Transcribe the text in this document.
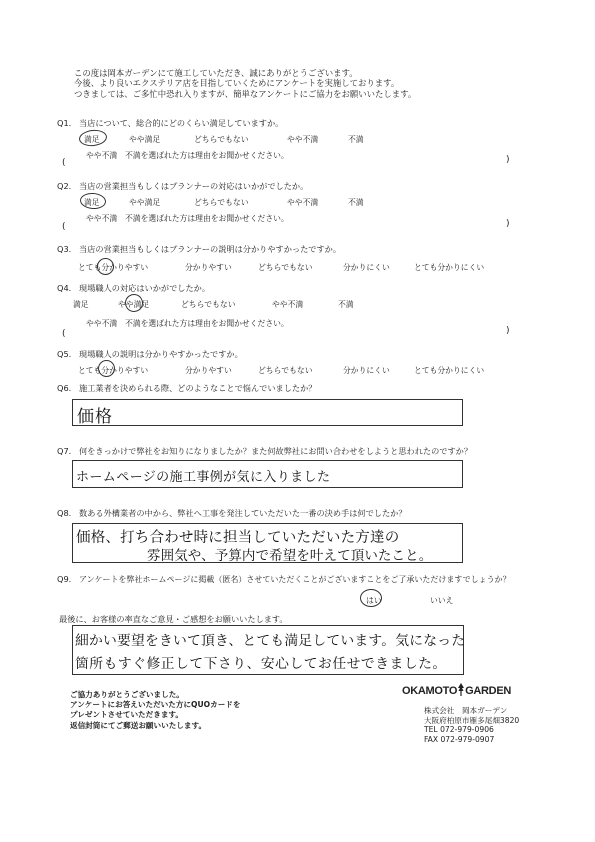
この度は岡本ガーデンにて施工していただき、誠にありがとうございます。
今後、より良いエクステリア店を目指していくためにアンケートを実施しております。
つきましては、ご多忙中恐れ入りますが、簡単なアンケートにご協力をお願いいたします。
Q1. 当店について、総合的にどのくらい満足していますか。
満足	やや満足	どちらでもない	やや不満	不満
やや不満　不満を選ばれた方は理由をお聞かせください。
(	)
Q2. 当店の営業担当もしくはプランナーの対応はいかがでしたか。
満足	やや満足	どちらでもない	やや不満	不満
やや不満　不満を選ばれた方は理由をお聞かせください。
(	)
Q3. 当店の営業担当もしくはプランナーの説明は分かりやすかったですか。
とても分かりやすい	分かりやすい	どちらでもない	分かりにくい	とても分かりにくい
Q4. 現場職人の対応はいかがでしたか。
満足	やや満足	どちらでもない	やや不満	不満
やや不満　不満を選ばれた方は理由をお聞かせください。
(	)
Q5. 現場職人の説明は分かりやすかったですか。
とても分かりやすい	分かりやすい	どちらでもない	分かりにくい	とても分かりにくい
Q6. 施工業者を決められる際、どのようなことで悩んでいましたか？
価格
Q7. 何をきっかけで弊社をお知りになりましたか？また何故弊社にお問い合わせをしようと思われたのですか？
ホームページの施工事例が気に入りました
Q8. 数ある外構業者の中から、弊社へ工事を発注していただいた一番の決め手は何でしたか？
価格、打ち合わせ時に担当していただいた方達の
雰囲気や、予算内で希望を叶えて頂いたこと。
Q9. アンケートを弊社ホームページに掲載（匿名）させていただくことがございますことをご了承いただけますでしょうか？
はい	いいえ
最後に、お客様の率直なご意見・ご感想をお願いいたします。
細かい要望をきいて頂き、とても満足しています。気になった
箇所もすぐ修正して下さり、安心してお任せできました。
ご協力ありがとうございました。
アンケートにお答えいただいた方にQUOカードを
プレゼントさせていただきます。
返信封筒にてご郵送お願いいたします。
OKAMOTO GARDEN
株式会社　岡本ガーデン
大阪府柏原市雁多尾畑3820
TEL 072-979-0906
FAX 072-979-0907
